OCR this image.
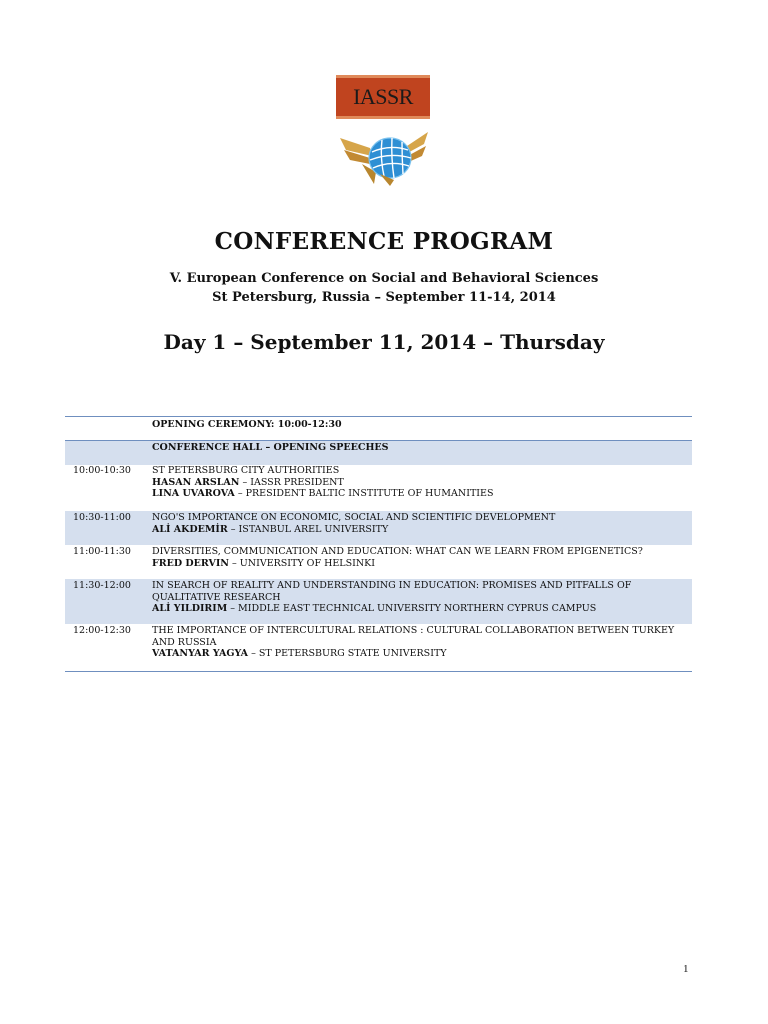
IASSR
CONFERENCE PROGRAM
V. European Conference on Social and Behavioral Sciences
St Petersburg, Russia – September 11-14, 2014
Day 1 – September 11, 2014 – Thursday
OPENING CEREMONY: 10:00-12:30
CONFERENCE HALL – OPENING SPEECHES
10:00-10:30	ST PETERSBURG CITY AUTHORITIES
HASAN ARSLAN – IASSR PRESIDENT
LINA UVAROVA – PRESIDENT BALTIC INSTITUTE OF HUMANITIES
10:30-11:00	NGO'S IMPORTANCE ON ECONOMIC, SOCIAL AND SCIENTIFIC DEVELOPMENT
ALİ AKDEMİR – ISTANBUL AREL UNIVERSITY
11:00-11:30	DIVERSITIES, COMMUNICATION AND EDUCATION: WHAT CAN WE LEARN FROM EPIGENETICS?
FRED DERVIN – UNIVERSITY OF HELSINKI
11:30-12:00	IN SEARCH OF REALITY AND UNDERSTANDING IN EDUCATION: PROMISES AND PITFALLS OF QUALITATIVE RESEARCH
ALİ YILDIRIM – MIDDLE EAST TECHNICAL UNIVERSITY NORTHERN CYPRUS CAMPUS
12:00-12:30	THE IMPORTANCE OF INTERCULTURAL RELATIONS : CULTURAL COLLABORATION BETWEEN TURKEY AND RUSSIA
VATANYAR YAGYA – ST PETERSBURG STATE UNIVERSITY
1
